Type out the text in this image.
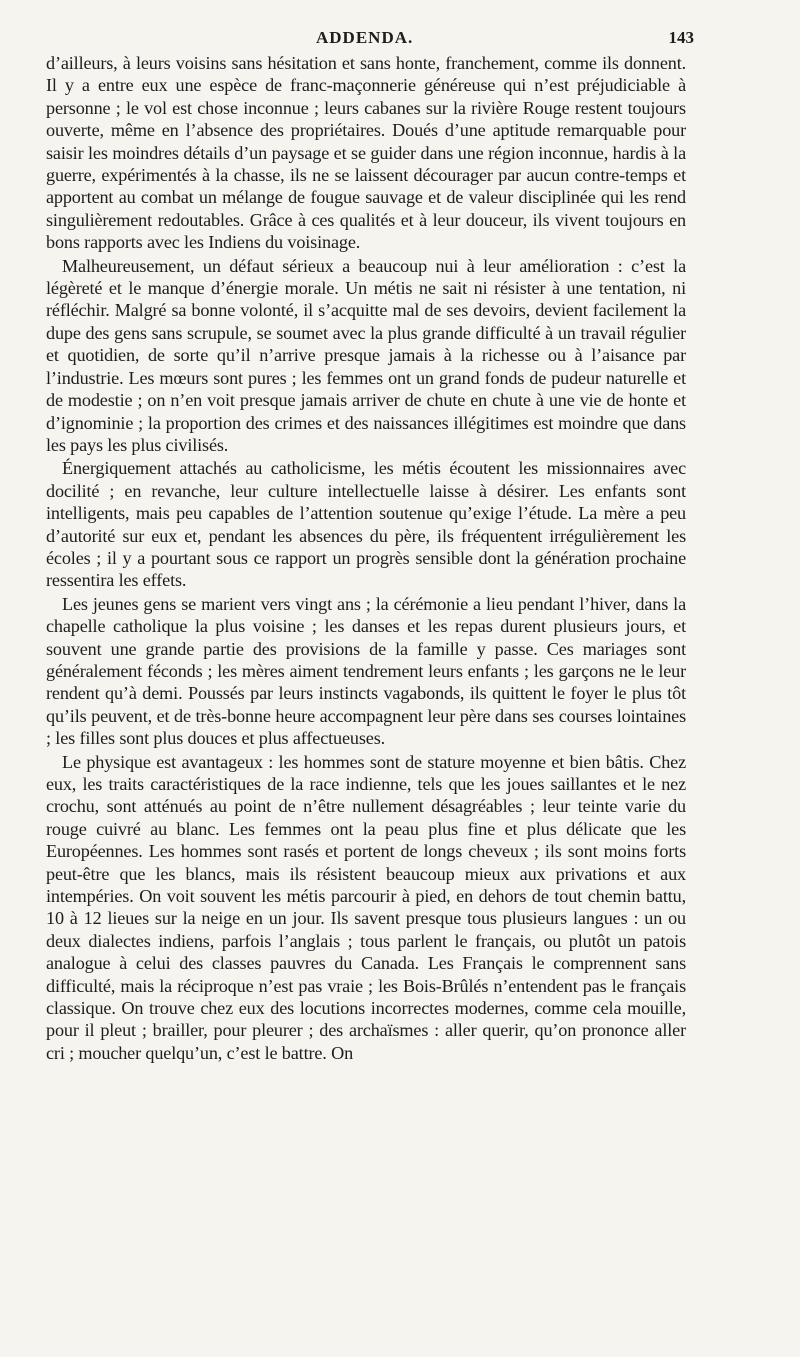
ADDENDA.	143

d’ailleurs, à leurs voisins sans hésitation et sans honte, franchement, comme ils donnent. Il y a entre eux une espèce de franc-maçonnerie généreuse qui n’est préjudiciable à personne ; le vol est chose inconnue ; leurs cabanes sur la rivière Rouge restent toujours ouverte, même en l’absence des propriétaires. Doués d’une aptitude remarquable pour saisir les moindres détails d’un paysage et se guider dans une région inconnue, hardis à la guerre, expérimentés à la chasse, ils ne se laissent décourager par aucun contre-temps et apportent au combat un mélange de fougue sauvage et de valeur disciplinée qui les rend singulièrement redoutables. Grâce à ces qualités et à leur douceur, ils vivent toujours en bons rapports avec les Indiens du voisinage.

Malheureusement, un défaut sérieux a beaucoup nui à leur amélioration : c’est la légèreté et le manque d’énergie morale. Un métis ne sait ni résister à une tentation, ni réfléchir. Malgré sa bonne volonté, il s’acquitte mal de ses devoirs, devient facilement la dupe des gens sans scrupule, se soumet avec la plus grande difficulté à un travail régulier et quotidien, de sorte qu’il n’arrive presque jamais à la richesse ou à l’aisance par l’industrie. Les mœurs sont pures ; les femmes ont un grand fonds de pudeur naturelle et de modestie ; on n’en voit presque jamais arriver de chute en chute à une vie de honte et d’ignominie ; la proportion des crimes et des naissances illégitimes est moindre que dans les pays les plus civilisés.

Énergiquement attachés au catholicisme, les métis écoutent les missionnaires avec docilité ; en revanche, leur culture intellectuelle laisse à désirer. Les enfants sont intelligents, mais peu capables de l’attention soutenue qu’exige l’étude. La mère a peu d’autorité sur eux et, pendant les absences du père, ils fréquentent irrégulièrement les écoles ; il y a pourtant sous ce rapport un progrès sensible dont la génération prochaine ressentira les effets.

Les jeunes gens se marient vers vingt ans ; la cérémonie a lieu pendant l’hiver, dans la chapelle catholique la plus voisine ; les danses et les repas durent plusieurs jours, et souvent une grande partie des provisions de la famille y passe. Ces mariages sont généralement féconds ; les mères aiment tendrement leurs enfants ; les garçons ne le leur rendent qu’à demi. Poussés par leurs instincts vagabonds, ils quittent le foyer le plus tôt qu’ils peuvent, et de très-bonne heure accompagnent leur père dans ses courses lointaines ; les filles sont plus douces et plus affectueuses.

Le physique est avantageux : les hommes sont de stature moyenne et bien bâtis. Chez eux, les traits caractéristiques de la race indienne, tels que les joues saillantes et le nez crochu, sont atténués au point de n’être nullement désagréables ; leur teinte varie du rouge cuivré au blanc. Les femmes ont la peau plus fine et plus délicate que les Européennes. Les hommes sont rasés et portent de longs cheveux ; ils sont moins forts peut-être que les blancs, mais ils résistent beaucoup mieux aux privations et aux intempéries. On voit souvent les métis parcourir à pied, en dehors de tout chemin battu, 10 à 12 lieues sur la neige en un jour. Ils savent presque tous plusieurs langues : un ou deux dialectes indiens, parfois l’anglais ; tous parlent le français, ou plutôt un patois analogue à celui des classes pauvres du Canada. Les Français le comprennent sans difficulté, mais la réciproque n’est pas vraie ; les Bois-Brûlés n’entendent pas le français classique. On trouve chez eux des locutions incorrectes modernes, comme cela mouille, pour il pleut ; brailler, pour pleurer ; des archaïsmes : aller querir, qu’on prononce aller cri ; moucher quelqu’un, c’est le battre. On
